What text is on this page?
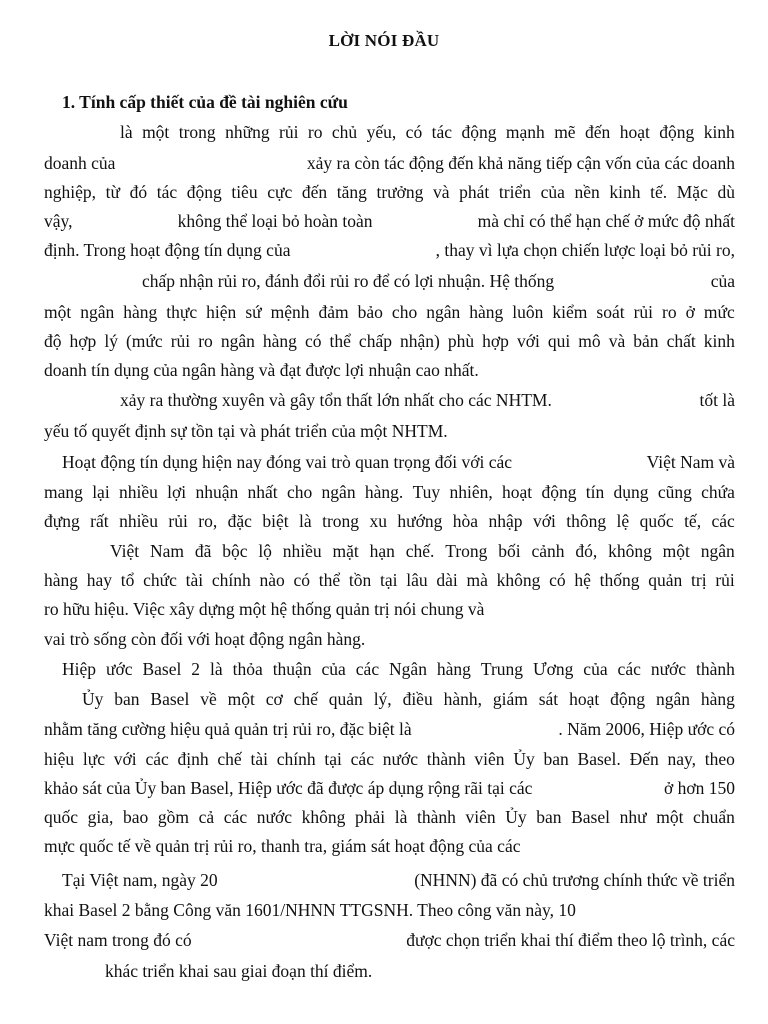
LỜI NÓI ĐẦU
1. Tính cấp thiết của đề tài nghiên cứu
là một trong những rủi ro chủ yếu, có tác động mạnh mẽ đến hoạt động kinh
doanh của	xảy ra còn tác động đến khả năng tiếp cận vốn của các doanh
nghiệp, từ đó tác động tiêu cực đến tăng trưởng và phát triển của nền kinh tế. Mặc dù
vậy,	không thể loại bỏ hoàn toàn	mà chỉ có thể hạn chế ở mức độ nhất
định. Trong hoạt động tín dụng của	, thay vì lựa chọn chiến lược loại bỏ rủi ro,
chấp nhận rủi ro, đánh đổi rủi ro để có lợi nhuận. Hệ thống	của
một ngân hàng thực hiện sứ mệnh đảm bảo cho ngân hàng luôn kiểm soát rủi ro ở mức
độ hợp lý (mức rủi ro ngân hàng có thể chấp nhận) phù hợp với qui mô và bản chất kinh
doanh tín dụng của ngân hàng và đạt được lợi nhuận cao nhất.
xảy ra thường xuyên và gây tổn thất lớn nhất cho các NHTM.	tốt là
yếu tố quyết định sự tồn tại và phát triển của một NHTM.
Hoạt động tín dụng hiện nay đóng vai trò quan trọng đối với các	Việt Nam và
mang lại nhiều lợi nhuận nhất cho ngân hàng. Tuy nhiên, hoạt động tín dụng cũng chứa
đựng rất nhiều rủi ro, đặc biệt là trong xu hướng hòa nhập với thông lệ quốc tế, các
Việt Nam đã bộc lộ nhiều mặt hạn chế. Trong bối cảnh đó, không một ngân
hàng hay tổ chức tài chính nào có thể tồn tại lâu dài mà không có hệ thống quản trị rủi
ro hữu hiệu. Việc xây dựng một hệ thống quản trị nói chung và
vai trò sống còn đối với hoạt động ngân hàng.
Hiệp ước Basel 2 là thỏa thuận của các Ngân hàng Trung Ương của các nước thành
Ủy ban Basel về một cơ chế quản lý, điều hành, giám sát hoạt động ngân hàng
nhằm tăng cường hiệu quả quản trị rủi ro, đặc biệt là	. Năm 2006, Hiệp ước có
hiệu lực với các định chế tài chính tại các nước thành viên Ủy ban Basel. Đến nay, theo
khảo sát của Ủy ban Basel, Hiệp ước đã được áp dụng rộng rãi tại các	ở hơn 150
quốc gia, bao gồm cả các nước không phải là thành viên Ủy ban Basel như một chuẩn
mực quốc tế về quản trị rủi ro, thanh tra, giám sát hoạt động của các
Tại Việt nam, ngày 20	(NHNN) đã có chủ trương chính thức về triển
khai Basel 2 bằng Công văn 1601/NHNN TTGSNH. Theo công văn này, 10
Việt nam trong đó có	được chọn triển khai thí điểm theo lộ trình, các
khác triển khai sau giai đoạn thí điểm.
